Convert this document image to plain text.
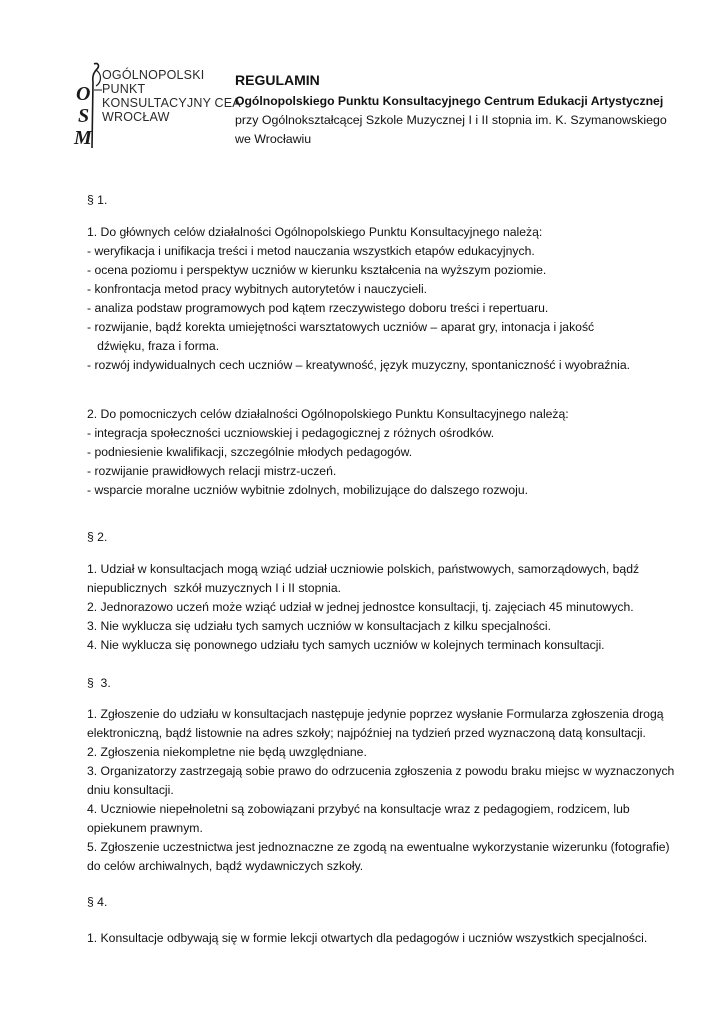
O
S
M
OGÓLNOPOLSKI
PUNKT
KONSULTACYJNY CEA
WROCŁAW
REGULAMIN
Ogólnopolskiego Punktu Konsultacyjnego Centrum Edukacji Artystycznej
przy Ogólnokształcącej Szkole Muzycznej I i II stopnia im. K. Szymanowskiego
we Wrocławiu
§ 1.
1. Do głównych celów działalności Ogólnopolskiego Punktu Konsultacyjnego należą:
- weryfikacja i unifikacja treści i metod nauczania wszystkich etapów edukacyjnych.
- ocena poziomu i perspektyw uczniów w kierunku kształcenia na wyższym poziomie.
- konfrontacja metod pracy wybitnych autorytetów i nauczycieli.
- analiza podstaw programowych pod kątem rzeczywistego doboru treści i repertuaru.
- rozwijanie, bądź korekta umiejętności warsztatowych uczniów – aparat gry, intonacja i jakość
dźwięku, fraza i forma.
- rozwój indywidualnych cech uczniów – kreatywność, język muzyczny, spontaniczność i wyobraźnia.
2. Do pomocniczych celów działalności Ogólnopolskiego Punktu Konsultacyjnego należą:
- integracja społeczności uczniowskiej i pedagogicznej z różnych ośrodków.
- podniesienie kwalifikacji, szczególnie młodych pedagogów.
- rozwijanie prawidłowych relacji mistrz-uczeń.
- wsparcie moralne uczniów wybitnie zdolnych, mobilizujące do dalszego rozwoju.
§ 2.
1. Udział w konsultacjach mogą wziąć udział uczniowie polskich, państwowych, samorządowych, bądź
niepublicznych  szkół muzycznych I i II stopnia.
2. Jednorazowo uczeń może wziąć udział w jednej jednostce konsultacji, tj. zajęciach 45 minutowych.
3. Nie wyklucza się udziału tych samych uczniów w konsultacjach z kilku specjalności.
4. Nie wyklucza się ponownego udziału tych samych uczniów w kolejnych terminach konsultacji.
§  3.
1. Zgłoszenie do udziału w konsultacjach następuje jedynie poprzez wysłanie Formularza zgłoszenia drogą
elektroniczną, bądź listownie na adres szkoły; najpóźniej na tydzień przed wyznaczoną datą konsultacji.
2. Zgłoszenia niekompletne nie będą uwzględniane.
3. Organizatorzy zastrzegają sobie prawo do odrzucenia zgłoszenia z powodu braku miejsc w wyznaczonych
dniu konsultacji.
4. Uczniowie niepełnoletni są zobowiązani przybyć na konsultacje wraz z pedagogiem, rodzicem, lub
opiekunem prawnym.
5. Zgłoszenie uczestnictwa jest jednoznaczne ze zgodą na ewentualne wykorzystanie wizerunku (fotografie)
do celów archiwalnych, bądź wydawniczych szkoły.
§ 4.
1. Konsultacje odbywają się w formie lekcji otwartych dla pedagogów i uczniów wszystkich specjalności.
